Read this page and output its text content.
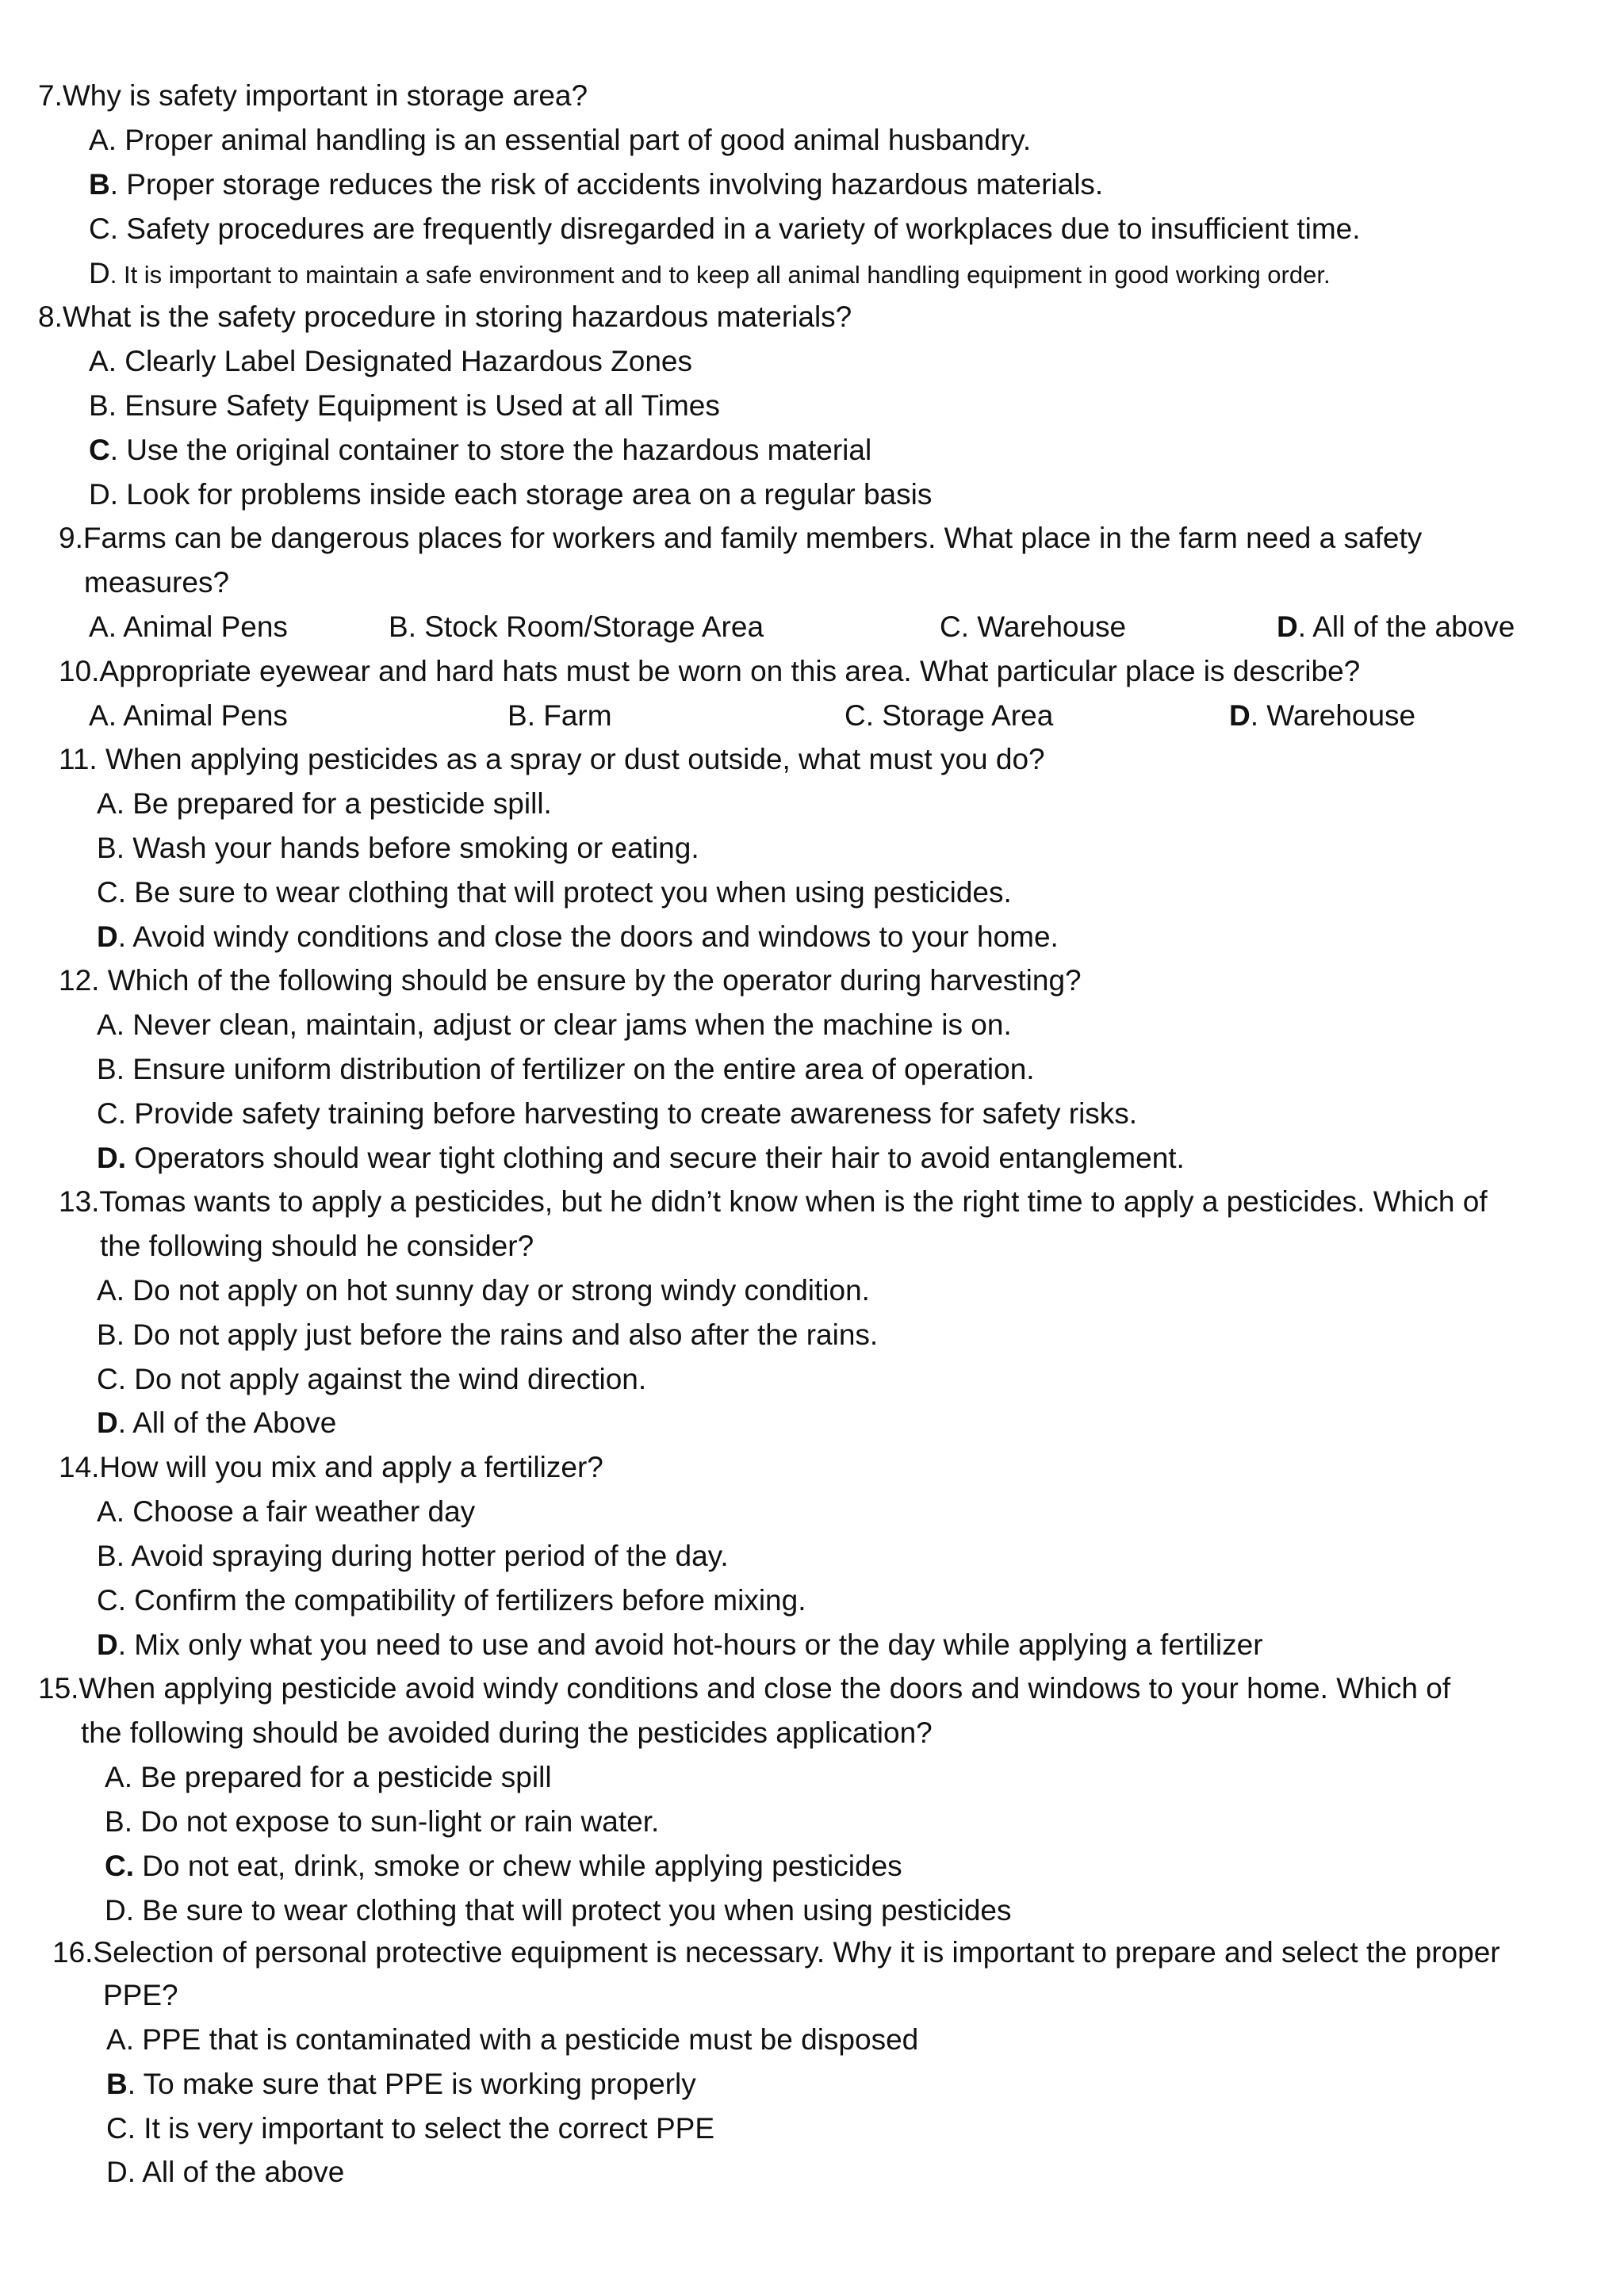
7.Why is safety important in storage area?
A. Proper animal handling is an essential part of good animal husbandry.
B. Proper storage reduces the risk of accidents involving hazardous materials.
C. Safety procedures are frequently disregarded in a variety of workplaces due to insufficient time.
D. It is important to maintain a safe environment and to keep all animal handling equipment in good working order.
8.What is the safety procedure in storing hazardous materials?
A. Clearly Label Designated Hazardous Zones
B. Ensure Safety Equipment is Used at all Times
C. Use the original container to store the hazardous material
D. Look for problems inside each storage area on a regular basis
9.Farms can be dangerous places for workers and family members. What place in the farm need a safety
measures?
A. Animal Pens	B. Stock Room/Storage Area	C. Warehouse	D. All of the above
10.Appropriate eyewear and hard hats must be worn on this area. What particular place is describe?
A. Animal Pens	B. Farm	C. Storage Area	D. Warehouse
11. When applying pesticides as a spray or dust outside, what must you do?
A. Be prepared for a pesticide spill.
B. Wash your hands before smoking or eating.
C. Be sure to wear clothing that will protect you when using pesticides.
D. Avoid windy conditions and close the doors and windows to your home.
12. Which of the following should be ensure by the operator during harvesting?
A. Never clean, maintain, adjust or clear jams when the machine is on.
B. Ensure uniform distribution of fertilizer on the entire area of operation.
C. Provide safety training before harvesting to create awareness for safety risks.
D. Operators should wear tight clothing and secure their hair to avoid entanglement.
13.Tomas wants to apply a pesticides, but he didn’t know when is the right time to apply a pesticides. Which of
the following should he consider?
A. Do not apply on hot sunny day or strong windy condition.
B. Do not apply just before the rains and also after the rains.
C. Do not apply against the wind direction.
D. All of the Above
14.How will you mix and apply a fertilizer?
A. Choose a fair weather day
B. Avoid spraying during hotter period of the day.
C. Confirm the compatibility of fertilizers before mixing.
D. Mix only what you need to use and avoid hot-hours or the day while applying a fertilizer
15.When applying pesticide avoid windy conditions and close the doors and windows to your home. Which of
the following should be avoided during the pesticides application?
A. Be prepared for a pesticide spill
B. Do not expose to sun-light or rain water.
C. Do not eat, drink, smoke or chew while applying pesticides
D. Be sure to wear clothing that will protect you when using pesticides
16.Selection of personal protective equipment is necessary. Why it is important to prepare and select the proper
PPE?
A. PPE that is contaminated with a pesticide must be disposed
B. To make sure that PPE is working properly
C. It is very important to select the correct PPE
D. All of the above
